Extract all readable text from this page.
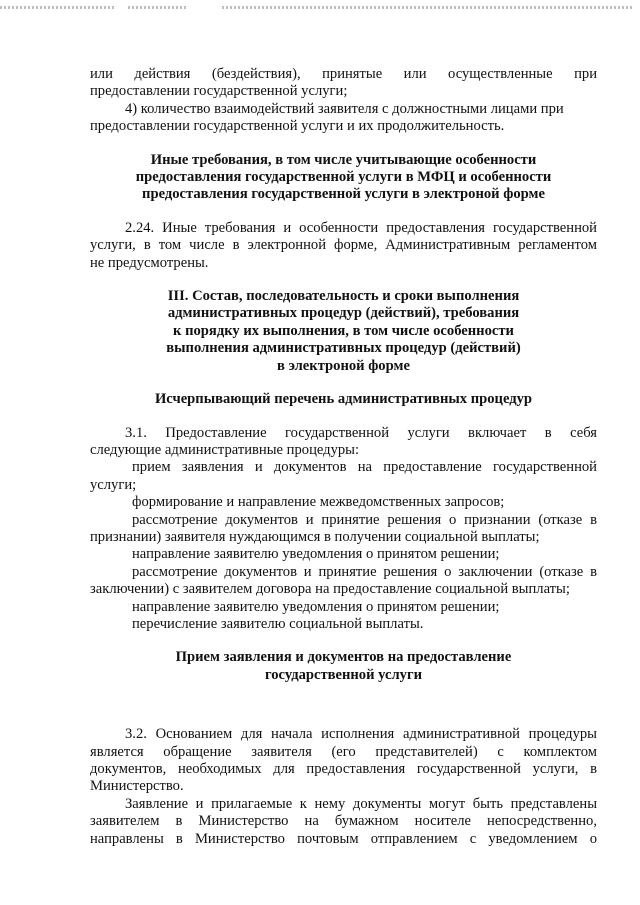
или действия (бездействия), принятые или осуществленные при

предоставлении государственной услуги;

4) количество взаимодействий заявителя с должностными лицами при

предоставлении государственной услуги и их продолжительность.

Иные требования, в том числе учитывающие особенности

предоставления государственной услуги в МФЦ и особенности

предоставления государственной услуги в электроной форме

2.24. Иные требования и особенности предоставления государственной

услуги, в том числе в электронной форме, Административным регламентом

не предусмотрены.

III. Состав, последовательность и сроки выполнения

административных процедур (действий), требования

к порядку их выполнения, в том числе особенности

выполнения административных процедур (действий)

в электроной форме

Исчерпывающий перечень административных процедур

3.1. Предоставление государственной услуги включает в себя

следующие административные процедуры:

прием заявления и документов на предоставление государственной

услуги;

формирование и направление межведомственных запросов;

рассмотрение документов и принятие решения о признании (отказе в

признании) заявителя нуждающимся в получении социальной выплаты;

направление заявителю уведомления о принятом решении;

рассмотрение документов и принятие решения о заключении (отказе в

заключении) с заявителем договора на предоставление социальной выплаты;

направление заявителю уведомления о принятом решении;

перечисление заявителю социальной выплаты.

Прием заявления и документов на предоставление

государственной услуги

3.2. Основанием для начала исполнения административной процедуры

является обращение заявителя (его представителей) с комплектом

документов, необходимых для предоставления государственной услуги, в

Министерство.

Заявление и прилагаемые к нему документы могут быть представлены

заявителем в Министерство на бумажном носителе непосредственно,

направлены в Министерство почтовым отправлением с уведомлением о
